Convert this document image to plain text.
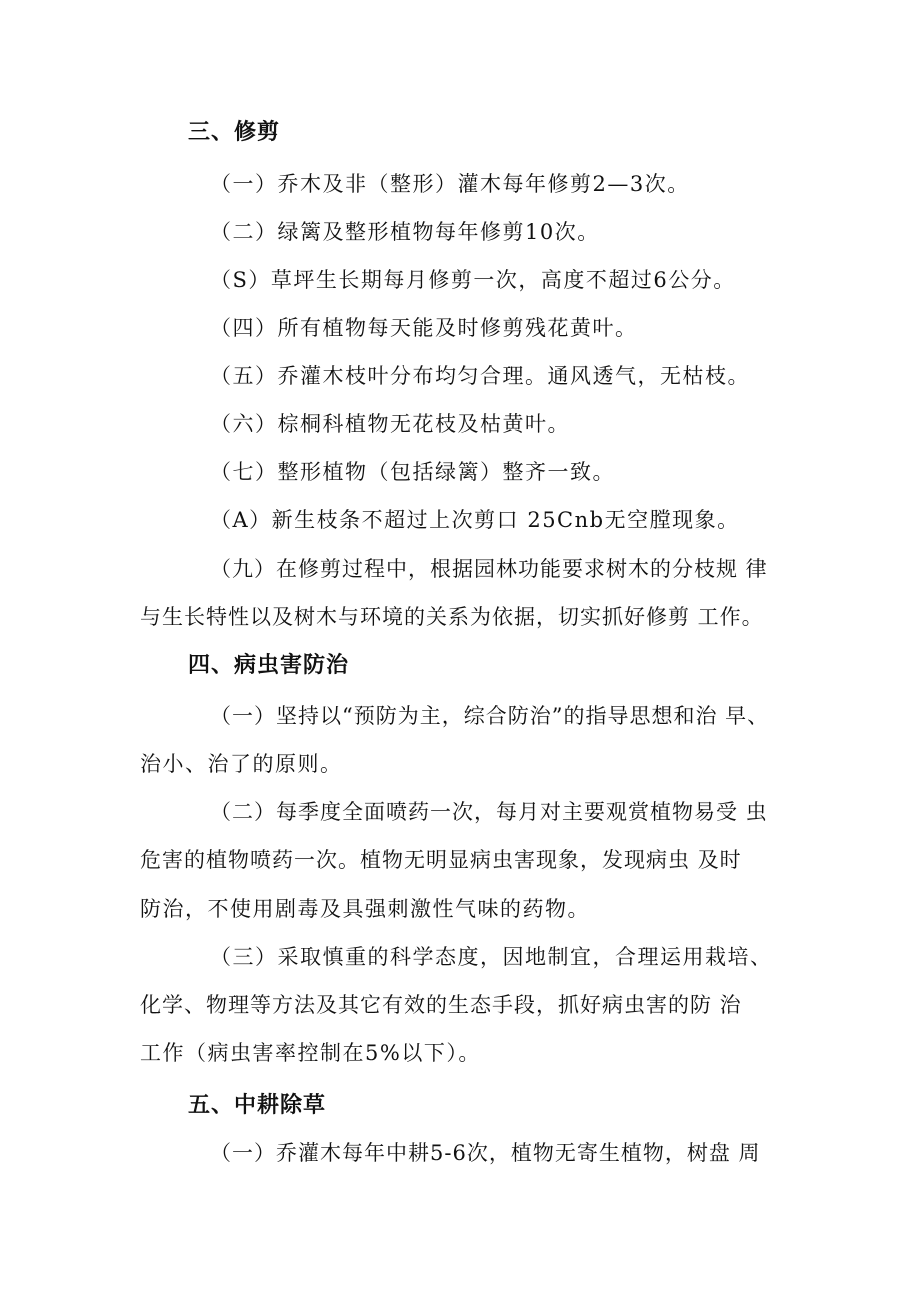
三、修剪

（一）乔木及非（整形）灌木每年修剪2—3次。

（二）绿篱及整形植物每年修剪10次。

（S）草坪生长期每月修剪一次，高度不超过6公分。

（四）所有植物每天能及时修剪残花黄叶。

（五）乔灌木枝叶分布均匀合理。通风透气，无枯枝。

（六）棕桐科植物无花枝及枯黄叶。

（七）整形植物（包括绿篱）整齐一致。

（A）新生枝条不超过上次剪口 25Cnb无空膛现象。

（九）在修剪过程中，根据园林功能要求树木的分枝规 律

与生长特性以及树木与环境的关系为依据，切实抓好修剪 工作。

四、病虫害防治

（一）坚持以“预防为主，综合防治”的指导思想和治 早、

治小、治了的原则。

（二）每季度全面喷药一次，每月对主要观赏植物易受 虫

危害的植物喷药一次。植物无明显病虫害现象，发现病虫 及时

防治，不使用剧毒及具强刺激性气味的药物。

（三）采取慎重的科学态度，因地制宜，合理运用栽培、

化学、物理等方法及其它有效的生态手段，抓好病虫害的防 治

工作（病虫害率控制在5%以下）。

五、中耕除草

（一）乔灌木每年中耕5-6次，植物无寄生植物，树盘 周
